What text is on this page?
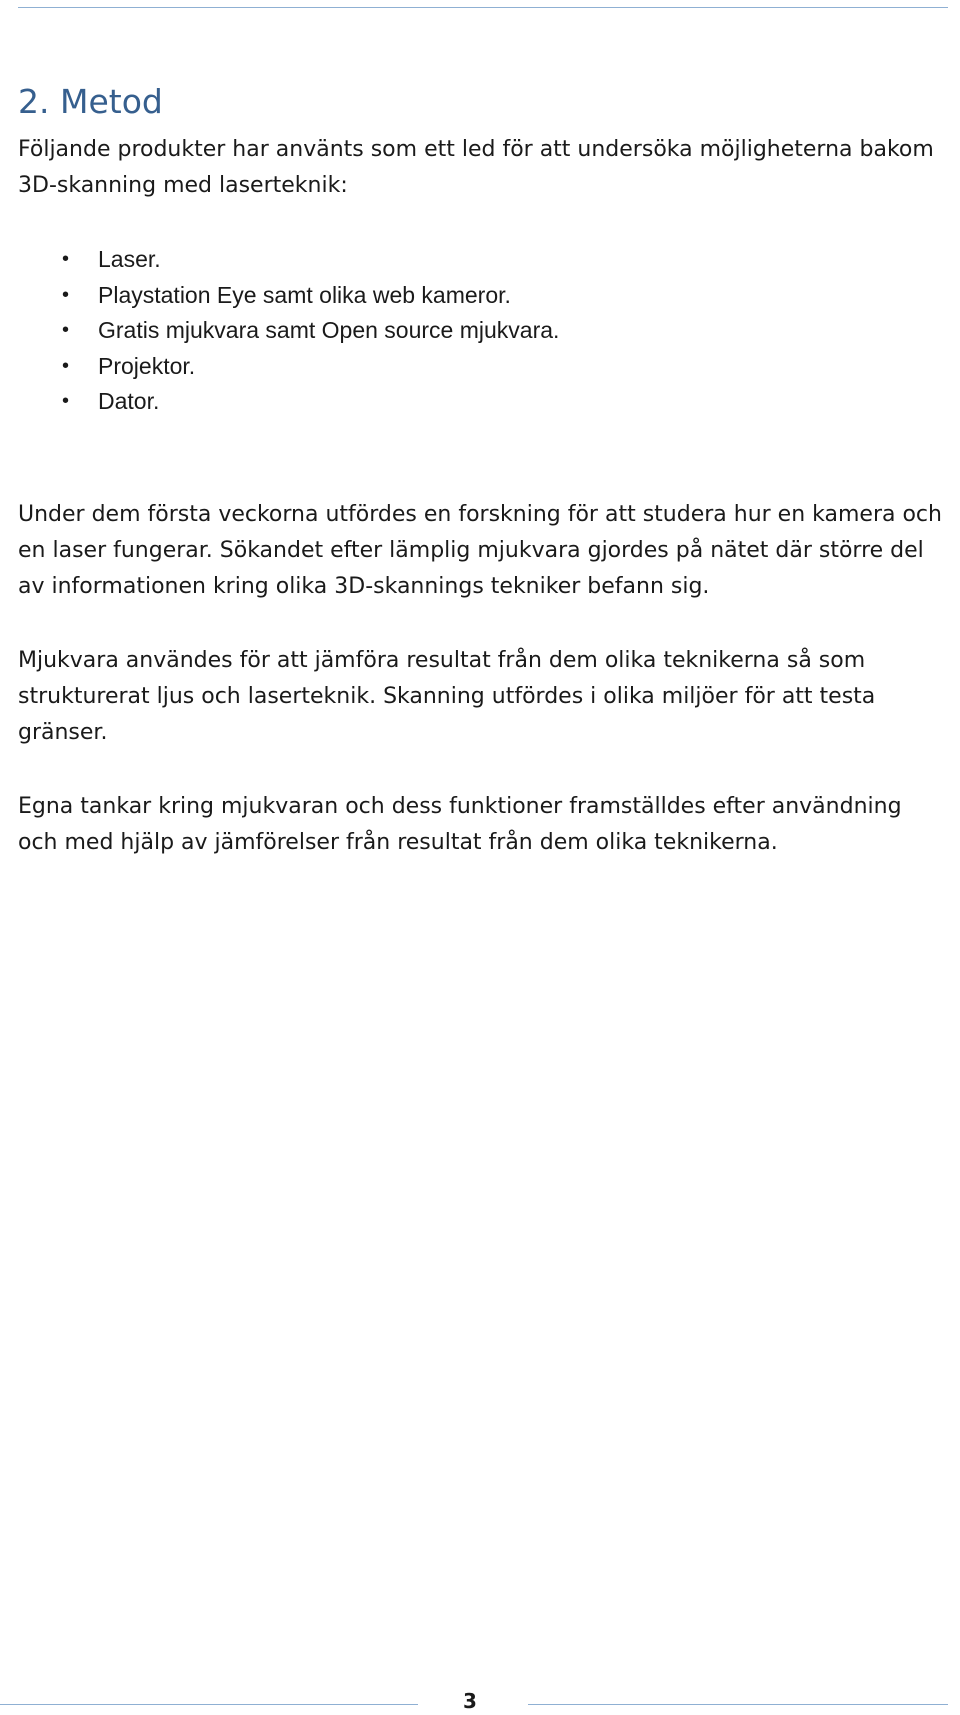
2. Metod

Följande produkter har använts som ett led för att undersöka möjligheterna bakom 3D-skanning med laserteknik:

• Laser.
• Playstation Eye samt olika web kameror.
• Gratis mjukvara samt Open source mjukvara.
• Projektor.
• Dator.

Under dem första veckorna utfördes en forskning för att studera hur en kamera och en laser fungerar. Sökandet efter lämplig mjukvara gjordes på nätet där större del av informationen kring olika 3D-skannings tekniker befann sig.

Mjukvara användes för att jämföra resultat från dem olika teknikerna så som strukturerat ljus och laserteknik. Skanning utfördes i olika miljöer för att testa gränser.

Egna tankar kring mjukvaran och dess funktioner framställdes efter användning och med hjälp av jämförelser från resultat från dem olika teknikerna.

3
